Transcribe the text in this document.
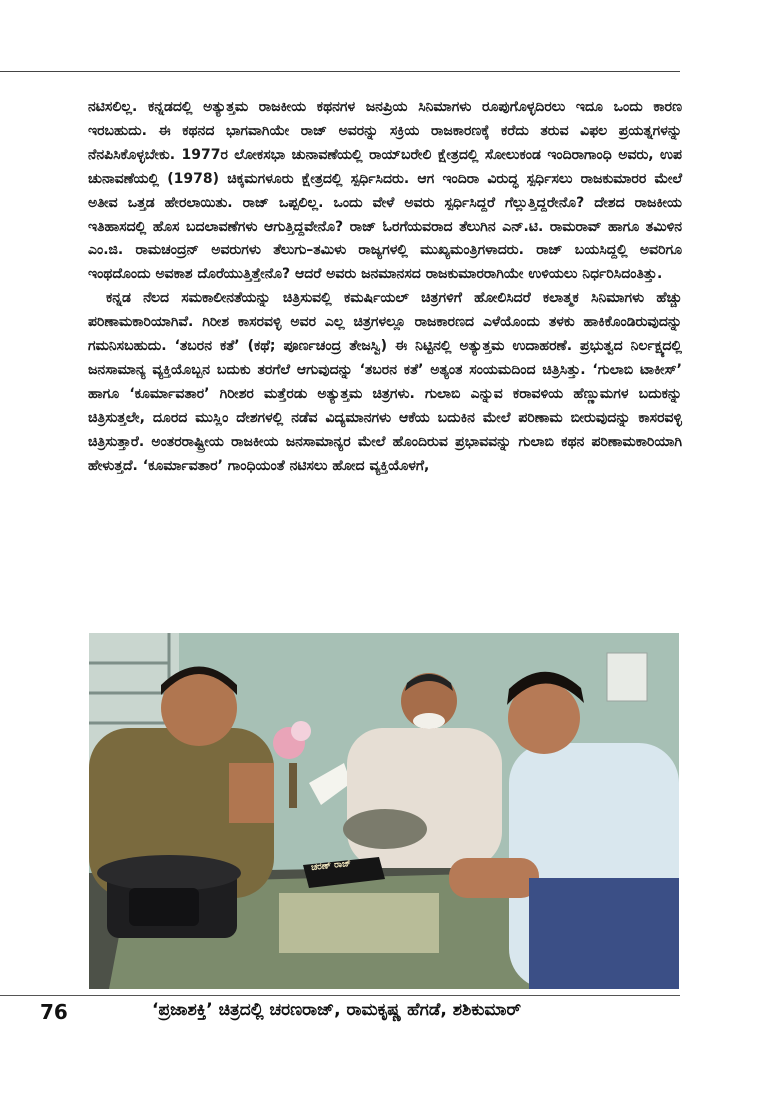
ನಟಿಸಲಿಲ್ಲ. ಕನ್ನಡದಲ್ಲಿ ಅತ್ಯುತ್ತಮ ರಾಜಕೀಯ ಕಥನಗಳ ಜನಪ್ರಿಯ ಸಿನಿಮಾಗಳು ರೂಪುಗೊಳ್ಳದಿರಲು ಇದೂ ಒಂದು ಕಾರಣ ಇರಬಹುದು. ಈ ಕಥನದ ಭಾಗವಾಗಿಯೇ ರಾಜ್ ಅವರನ್ನು ಸಕ್ರಿಯ ರಾಜಕಾರಣಕ್ಕೆ ಕರೆದು ತರುವ ವಿಫಲ ಪ್ರಯತ್ನಗಳನ್ನು ನೆನಪಿಸಿಕೊಳ್ಳಬೇಕು. 1977ರ ಲೋಕಸಭಾ ಚುನಾವಣೆಯಲ್ಲಿ ರಾಯ್‌ಬರೇಲಿ ಕ್ಷೇತ್ರದಲ್ಲಿ ಸೋಲುಕಂಡ ಇಂದಿರಾಗಾಂಧಿ ಅವರು, ಉಪ ಚುನಾವಣೆಯಲ್ಲಿ (1978) ಚಿಕ್ಕಮಗಳೂರು ಕ್ಷೇತ್ರದಲ್ಲಿ ಸ್ಪರ್ಧಿಸಿದರು. ಆಗ ಇಂದಿರಾ ವಿರುದ್ಧ ಸ್ಪರ್ಧಿಸಲು ರಾಜಕುಮಾರರ ಮೇಲೆ ಅತೀವ ಒತ್ತಡ ಹೇರಲಾಯಿತು. ರಾಜ್ ಒಪ್ಪಲಿಲ್ಲ. ಒಂದು ವೇಳೆ ಅವರು ಸ್ಪರ್ಧಿಸಿದ್ದರೆ ಗೆಲ್ಲುತ್ತಿದ್ದರೇನೊ? ದೇಶದ ರಾಜಕೀಯ ಇತಿಹಾಸದಲ್ಲಿ ಹೊಸ ಬದಲಾವಣೆಗಳು ಆಗುತ್ತಿದ್ದವೇನೊ? ರಾಜ್ ಓರಗೆಯವರಾದ ತೆಲುಗಿನ ಎನ್.ಟಿ. ರಾಮರಾವ್ ಹಾಗೂ ತಮಿಳಿನ ಎಂ.ಜಿ. ರಾಮಚಂದ್ರನ್ ಅವರುಗಳು ತೆಲುಗು–ತಮಿಳು ರಾಜ್ಯಗಳಲ್ಲಿ ಮುಖ್ಯಮಂತ್ರಿಗಳಾದರು. ರಾಜ್ ಬಯಸಿದ್ದಲ್ಲಿ ಅವರಿಗೂ ಇಂಥದೊಂದು ಅವಕಾಶ ದೊರೆಯುತ್ತಿತ್ತೇನೊ? ಆದರೆ ಅವರು ಜನಮಾನಸದ ರಾಜಕುಮಾರರಾಗಿಯೇ ಉಳಿಯಲು ನಿರ್ಧರಿಸಿದಂತಿತ್ತು.

ಕನ್ನಡ ನೆಲದ ಸಮಕಾಲೀನತೆಯನ್ನು ಚಿತ್ರಿಸುವಲ್ಲಿ ಕಮರ್ಷಿಯಲ್ ಚಿತ್ರಗಳಿಗೆ ಹೋಲಿಸಿದರೆ ಕಲಾತ್ಮಕ ಸಿನಿಮಾಗಳು ಹೆಚ್ಚು ಪರಿಣಾಮಕಾರಿಯಾಗಿವೆ. ಗಿರೀಶ ಕಾಸರವಳ್ಳಿ ಅವರ ಎಲ್ಲ ಚಿತ್ರಗಳಲ್ಲೂ ರಾಜಕಾರಣದ ಎಳೆಯೊಂದು ತಳಕು ಹಾಕಿಕೊಂಡಿರುವುದನ್ನು ಗಮನಿಸಬಹುದು. ‘ತಬರನ ಕತೆ’ (ಕಥೆ; ಪೂರ್ಣಚಂದ್ರ ತೇಜಸ್ವಿ) ಈ ನಿಟ್ಟಿನಲ್ಲಿ ಅತ್ಯುತ್ತಮ ಉದಾಹರಣೆ. ಪ್ರಭುತ್ವದ ನಿರ್ಲಕ್ಷ್ಯದಲ್ಲಿ ಜನಸಾಮಾನ್ಯ ವ್ಯಕ್ತಿಯೊಬ್ಬನ ಬದುಕು ತರಗೆಲೆ ಆಗುವುದನ್ನು ‘ತಬರನ ಕತೆ’ ಅತ್ಯಂತ ಸಂಯಮದಿಂದ ಚಿತ್ರಿಸಿತ್ತು. ‘ಗುಲಾಬಿ ಟಾಕೀಸ್’ ಹಾಗೂ ‘ಕೂರ್ಮಾವತಾರ’ ಗಿರೀಶರ ಮತ್ತೆರಡು ಅತ್ಯುತ್ತಮ ಚಿತ್ರಗಳು. ಗುಲಾಬಿ ಎನ್ನುವ ಕರಾವಳಿಯ ಹೆಣ್ಣುಮಗಳ ಬದುಕನ್ನು ಚಿತ್ರಿಸುತ್ತಲೇ, ದೂರದ ಮುಸ್ಲಿಂ ದೇಶಗಳಲ್ಲಿ ನಡೆವ ವಿದ್ಯಮಾನಗಳು ಆಕೆಯ ಬದುಕಿನ ಮೇಲೆ ಪರಿಣಾಮ ಬೀರುವುದನ್ನು ಕಾಸರವಳ್ಳಿ ಚಿತ್ರಿಸುತ್ತಾರೆ. ಅಂತರರಾಷ್ಟ್ರೀಯ ರಾಜಕೀಯ ಜನಸಾಮಾನ್ಯರ ಮೇಲೆ ಹೊಂದಿರುವ ಪ್ರಭಾವವನ್ನು ಗುಲಾಬಿ ಕಥನ ಪರಿಣಾಮಕಾರಿಯಾಗಿ ಹೇಳುತ್ತದೆ. ‘ಕೂರ್ಮಾವತಾರ’ ಗಾಂಧಿಯಂತೆ ನಟಿಸಲು ಹೋದ ವ್ಯಕ್ತಿಯೊಳಗೆ,

ಚರಣ್ ರಾಜ್
76	‘ಪ್ರಜಾಶಕ್ತಿ’ ಚಿತ್ರದಲ್ಲಿ ಚರಣರಾಜ್, ರಾಮಕೃಷ್ಣ ಹೆಗಡೆ, ಶಶಿಕುಮಾರ್
